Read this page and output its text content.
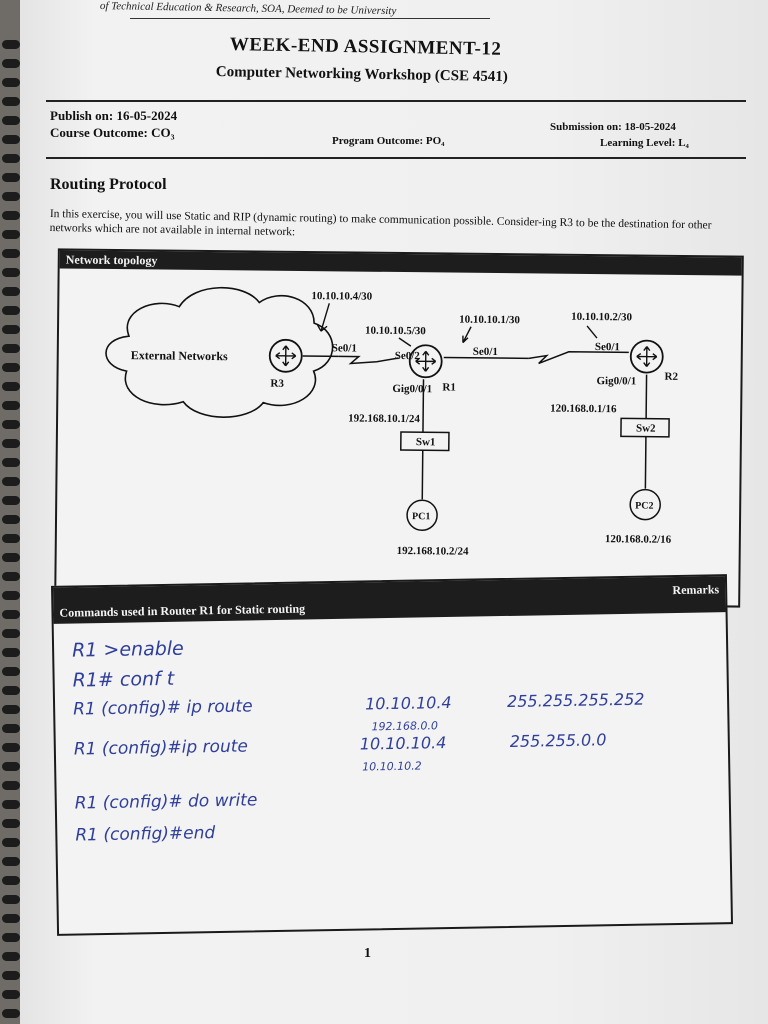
of Technical Education & Research, SOA, Deemed to be University
WEEK-END ASSIGNMENT-12
Computer Networking Workshop (CSE 4541)
Publish on: 16-05-2024
Course Outcome: CO₃
Program Outcome: PO₄
Submission on: 18-05-2024
Learning Level: L₄
Routing Protocol
In this exercise, you will use Static and RIP (dynamic routing) to make communication possible. Consider-ing R3 to be the destination for other networks which are not available in internal network:
Network topology
External Networks
10.10.10.4/30
10.10.10.5/30
10.10.10.1/30	10.10.10.2/30
Se0/1
Se0/2	Se0/1	Se0/1
R3	R1
R2
Gig0/0/1
Gig0/0/1
192.168.10.1/24
120.168.0.1/16
Sw1
Sw2
PC1
PC2
192.168.10.2/24
120.168.0.2/16
Commands used in Router R1 for Static routing
Remarks
R1 >enable
R1# conf t
R1 (config)# ip route	10.10.10.4	255.255.255.252
192.168.0.0
R1 (config)#ip route	10.10.10.4	255.255.0.0
10.10.10.2
R1 (config)# do write
R1 (config)#end
1
